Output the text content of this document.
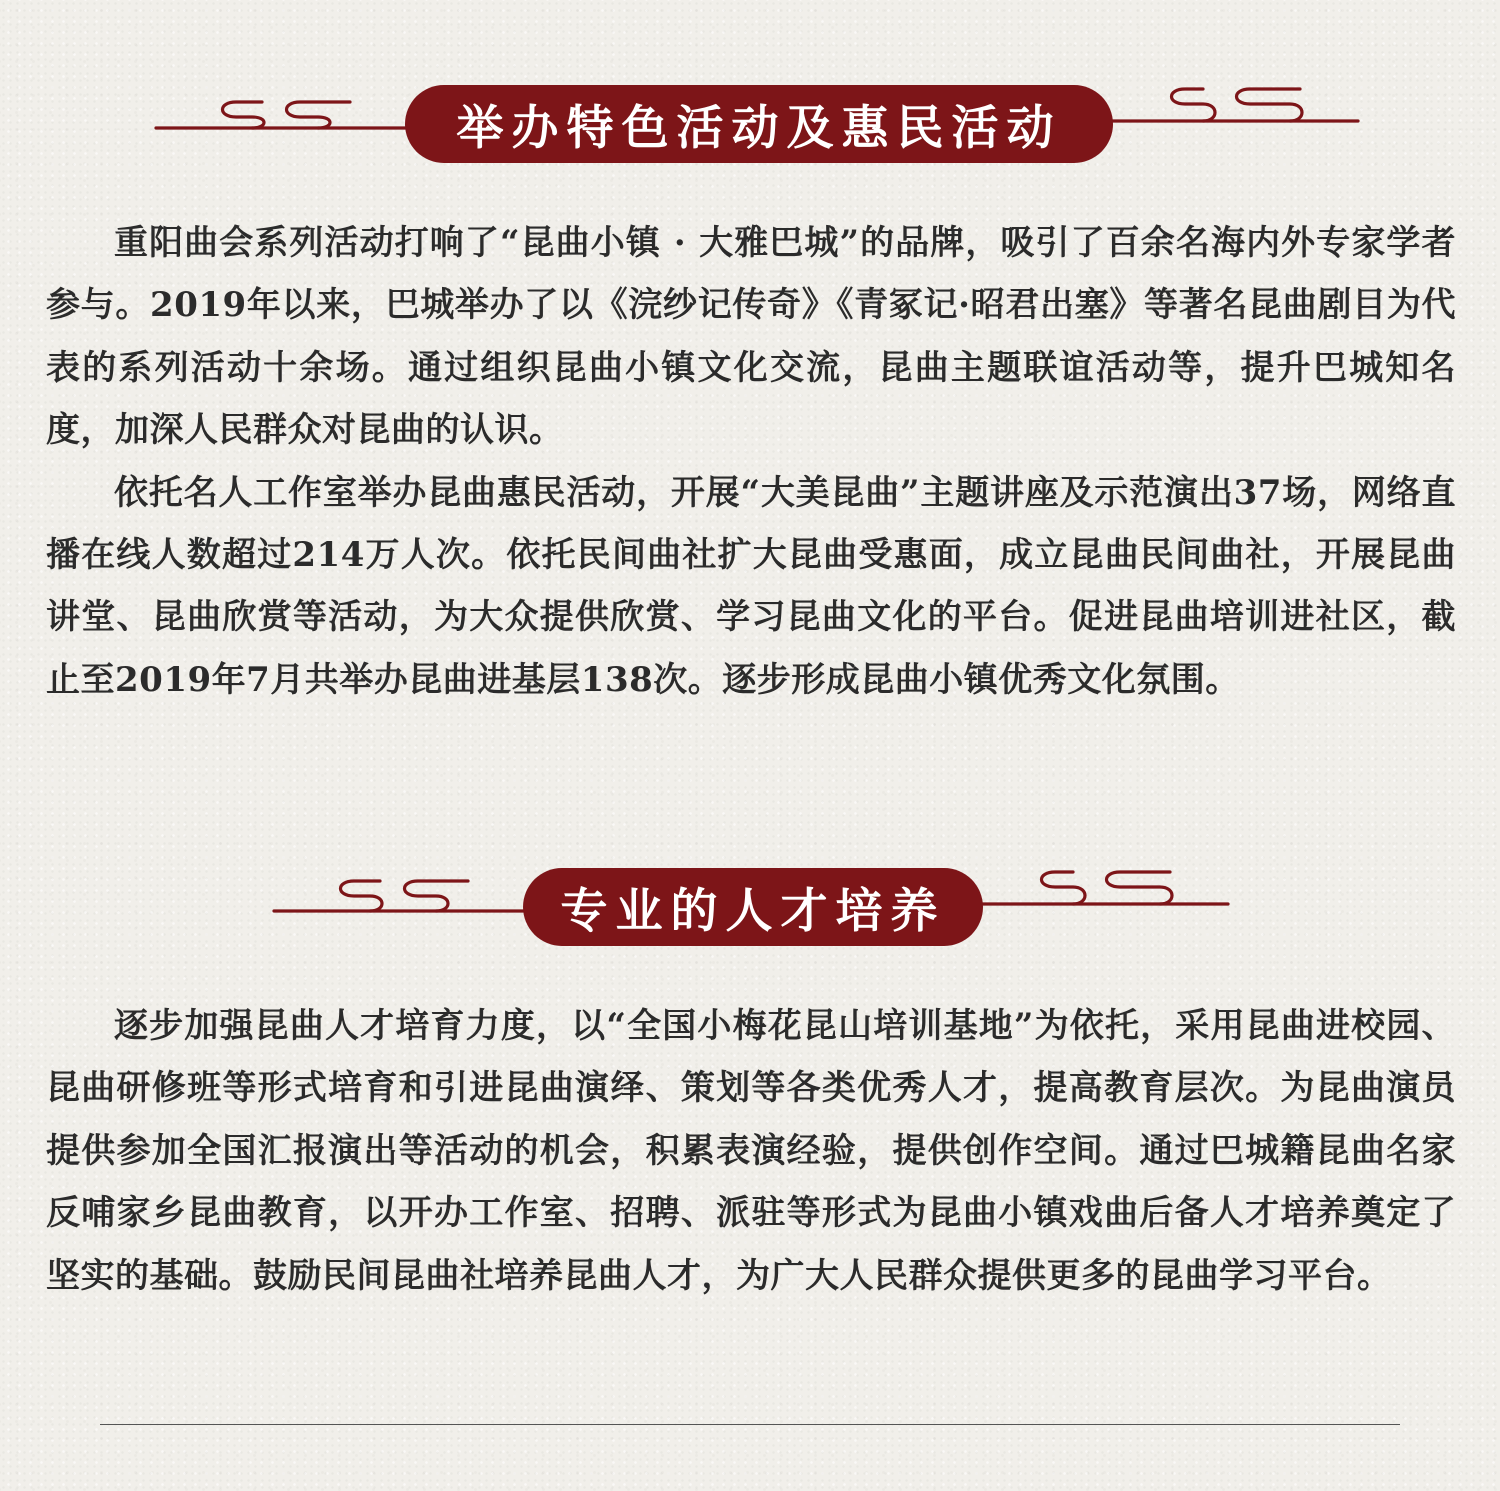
举办特色活动及惠民活动

重阳曲会系列活动打响了“昆曲小镇 · 大雅巴城”的品牌，吸引了百余名海内外专家学者参与。2019年以来，巴城举办了以《浣纱记传奇》《青冢记·昭君出塞》等著名昆曲剧目为代表的系列活动十余场。通过组织昆曲小镇文化交流，昆曲主题联谊活动等，提升巴城知名度，加深人民群众对昆曲的认识。

依托名人工作室举办昆曲惠民活动，开展“大美昆曲”主题讲座及示范演出37场，网络直播在线人数超过214万人次。依托民间曲社扩大昆曲受惠面，成立昆曲民间曲社，开展昆曲讲堂、昆曲欣赏等活动，为大众提供欣赏、学习昆曲文化的平台。促进昆曲培训进社区，截止至2019年7月共举办昆曲进基层138次。逐步形成昆曲小镇优秀文化氛围。

专业的人才培养

逐步加强昆曲人才培育力度，以“全国小梅花昆山培训基地”为依托，采用昆曲进校园、昆曲研修班等形式培育和引进昆曲演绎、策划等各类优秀人才，提高教育层次。为昆曲演员提供参加全国汇报演出等活动的机会，积累表演经验，提供创作空间。通过巴城籍昆曲名家反哺家乡昆曲教育，以开办工作室、招聘、派驻等形式为昆曲小镇戏曲后备人才培养奠定了坚实的基础。鼓励民间昆曲社培养昆曲人才，为广大人民群众提供更多的昆曲学习平台。
